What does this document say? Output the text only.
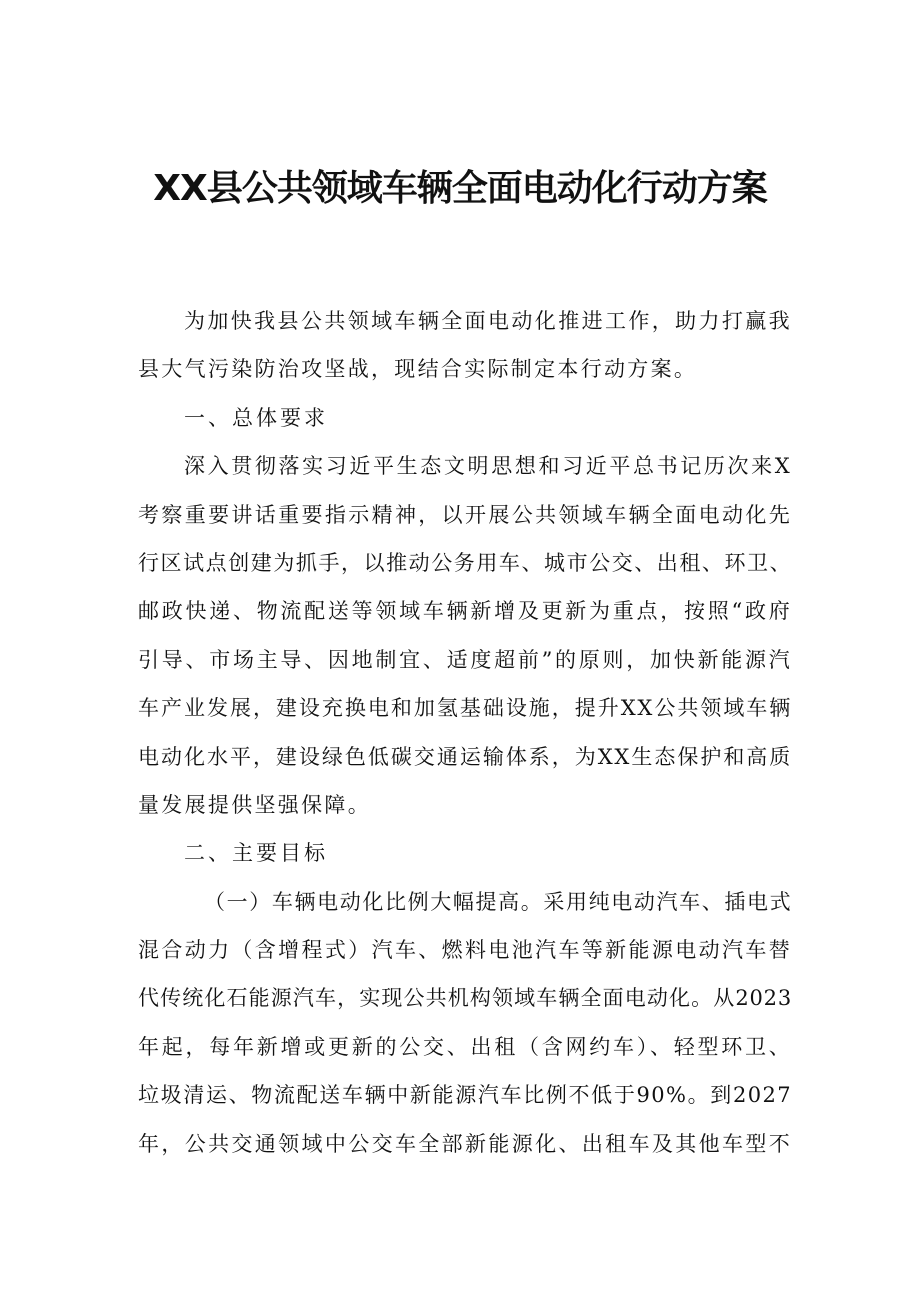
XX县公共领域车辆全面电动化行动方案
为加快我县公共领域车辆全面电动化推进工作，助力打赢我
县大气污染防治攻坚战，现结合实际制定本行动方案。
一、总体要求
深入贯彻落实习近平生态文明思想和习近平总书记历次来X
考察重要讲话重要指示精神，以开展公共领域车辆全面电动化先
行区试点创建为抓手，以推动公务用车、城市公交、出租、环卫、
邮政快递、物流配送等领域车辆新增及更新为重点，按照“政府
引导、市场主导、因地制宜、适度超前”的原则，加快新能源汽
车产业发展，建设充换电和加氢基础设施，提升XX公共领域车辆
电动化水平，建设绿色低碳交通运输体系，为XX生态保护和高质
量发展提供坚强保障。
二、主要目标
（一）车辆电动化比例大幅提高。采用纯电动汽车、插电式
混合动力（含增程式）汽车、燃料电池汽车等新能源电动汽车替
代传统化石能源汽车，实现公共机构领域车辆全面电动化。从2023
年起，每年新增或更新的公交、出租（含网约车）、轻型环卫、
垃圾清运、物流配送车辆中新能源汽车比例不低于90%。到2027
年，公共交通领域中公交车全部新能源化、出租车及其他车型不
